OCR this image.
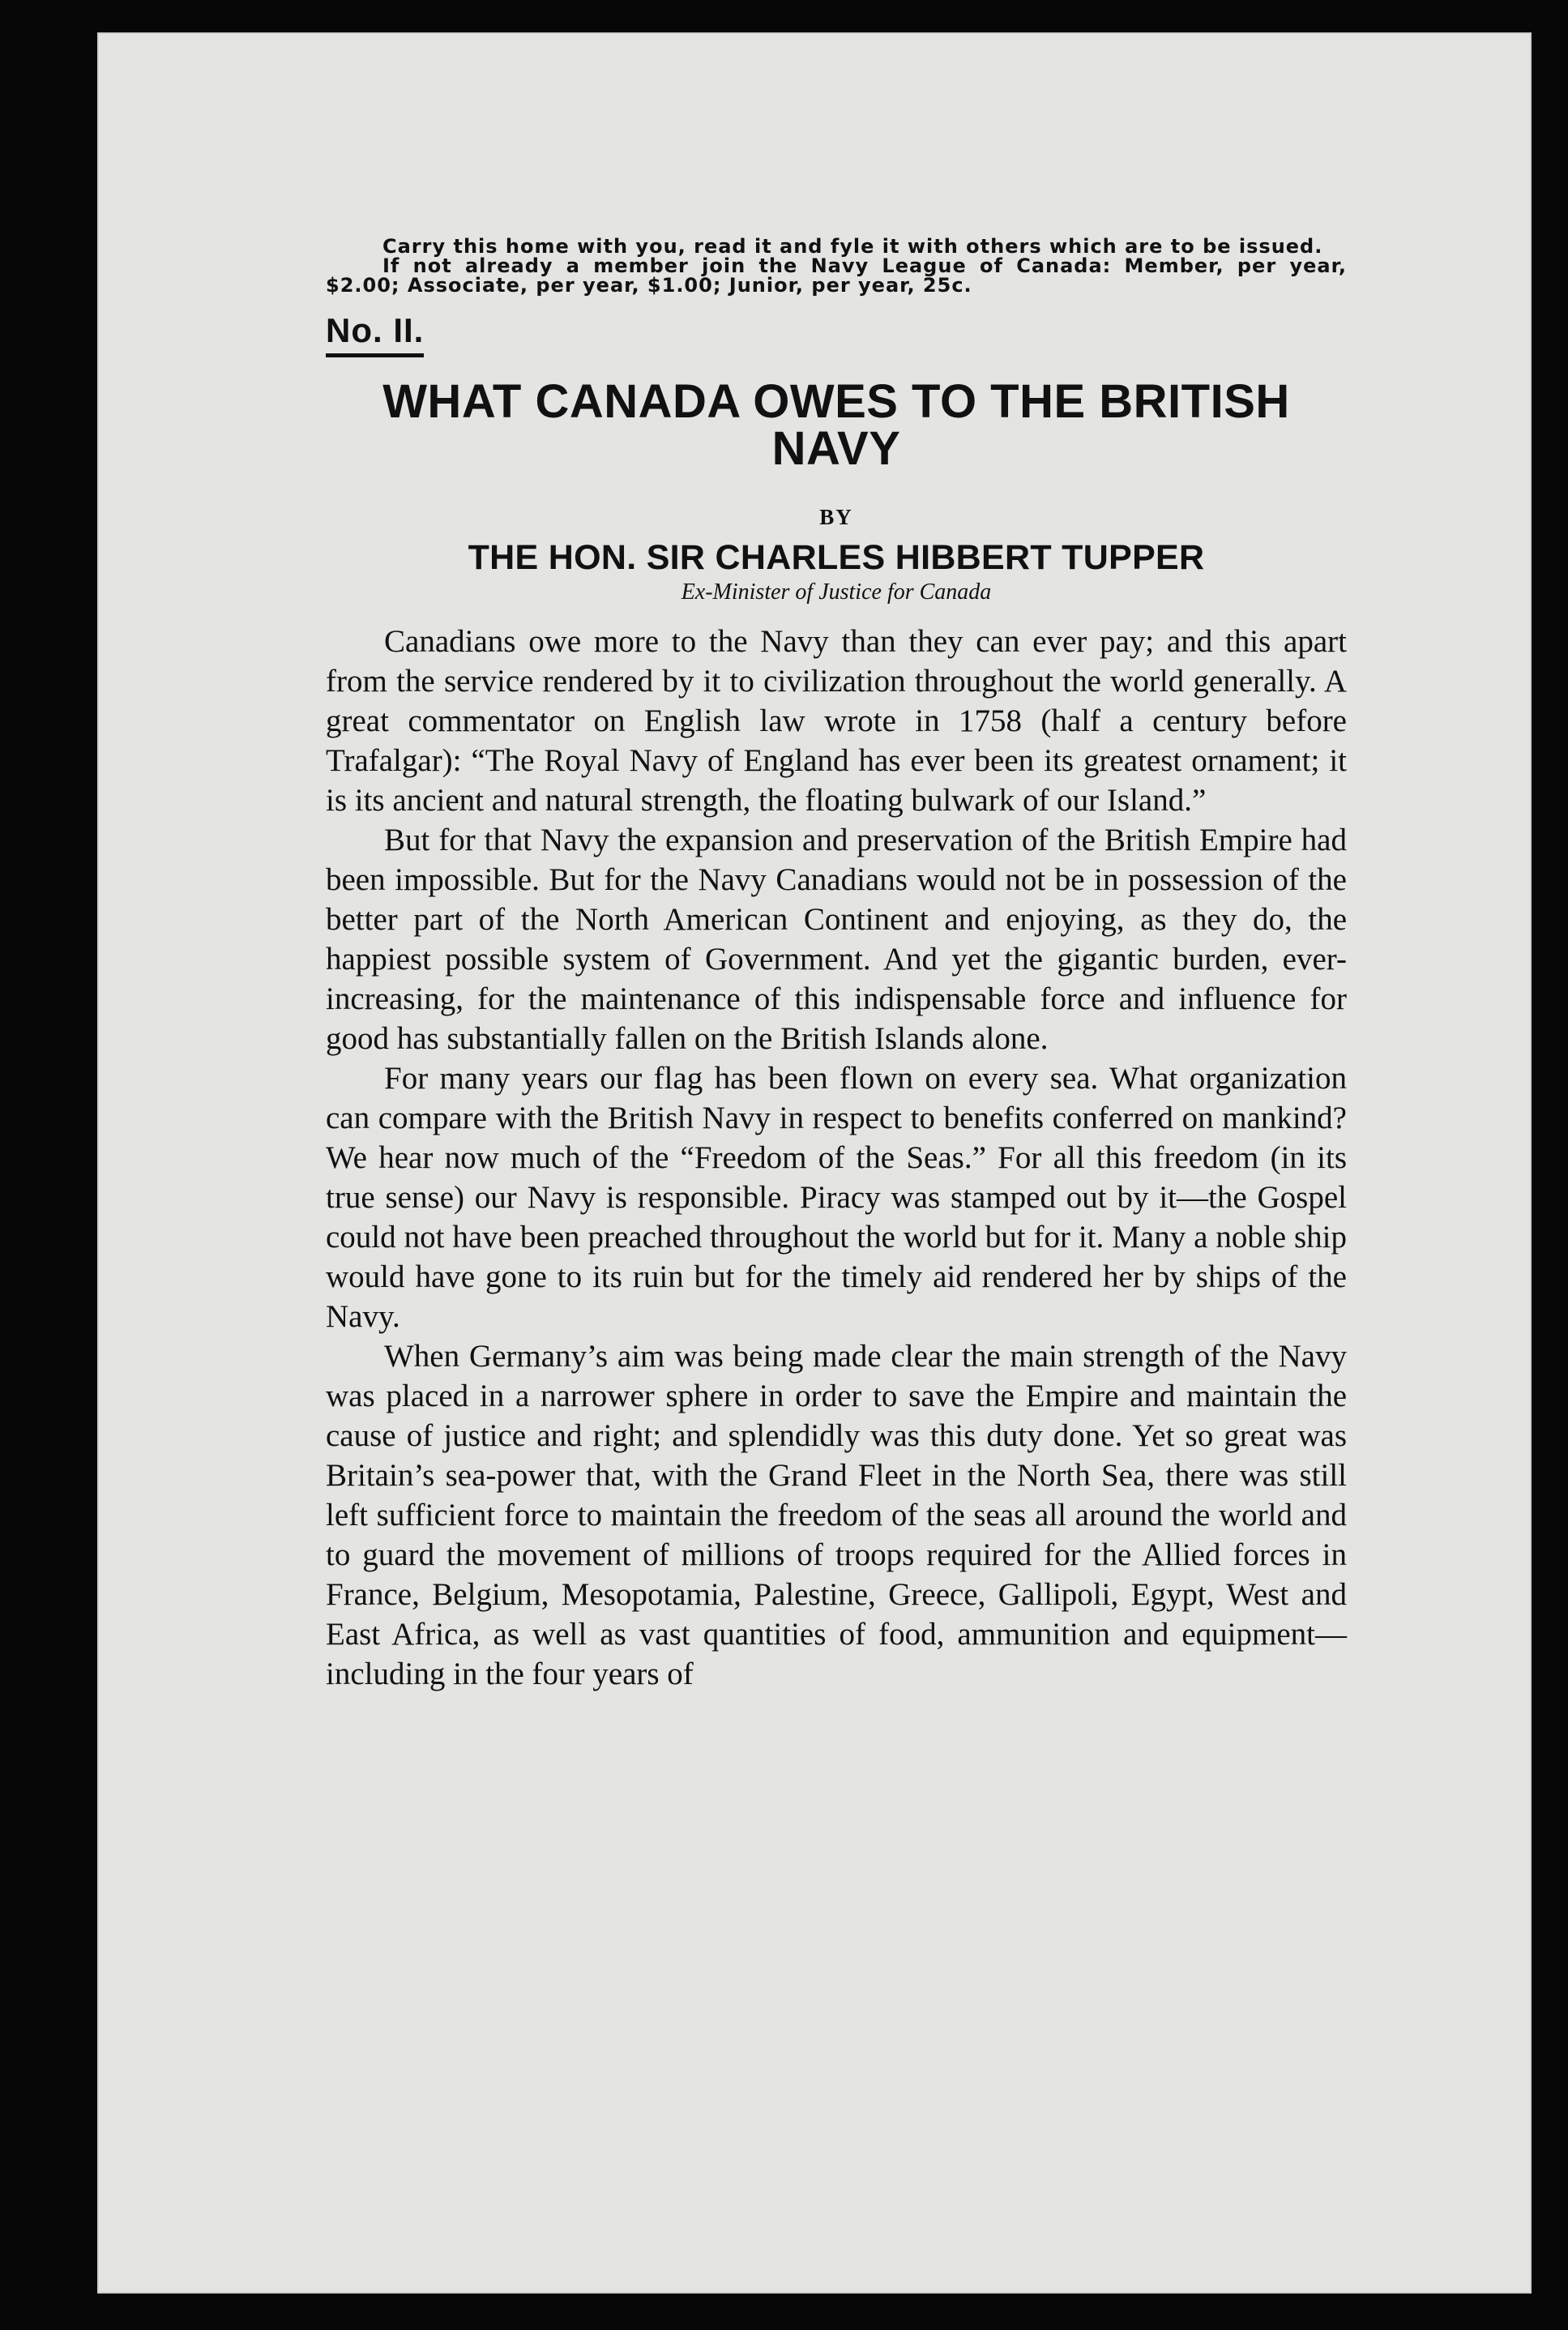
Carry this home with you, read it and fyle it with others which are to be issued.

If not already a member join the Navy League of Canada: Member, per year, $2.00; Associate, per year, $1.00; Junior, per year, 25c.

No. II.
WHAT CANADA OWES TO THE BRITISH NAVY
BY
THE HON. SIR CHARLES HIBBERT TUPPER
Ex-Minister of Justice for Canada

Canadians owe more to the Navy than they can ever pay; and this apart from the service rendered by it to civilization throughout the world generally. A great commentator on English law wrote in 1758 (half a century before Trafalgar): “The Royal Navy of England has ever been its greatest ornament; it is its ancient and natural strength, the floating bulwark of our Island.”

But for that Navy the expansion and preservation of the British Empire had been impossible. But for the Navy Canadians would not be in possession of the better part of the North American Continent and enjoying, as they do, the happiest possible system of Government. And yet the gigantic burden, ever-increasing, for the maintenance of this indispensable force and influence for good has substantially fallen on the British Islands alone.

For many years our flag has been flown on every sea. What organization can compare with the British Navy in respect to benefits conferred on mankind? We hear now much of the “Freedom of the Seas.” For all this freedom (in its true sense) our Navy is responsible. Piracy was stamped out by it—the Gospel could not have been preached throughout the world but for it. Many a noble ship would have gone to its ruin but for the timely aid rendered her by ships of the Navy.

When Germany’s aim was being made clear the main strength of the Navy was placed in a narrower sphere in order to save the Empire and maintain the cause of justice and right; and splendidly was this duty done. Yet so great was Britain’s sea-power that, with the Grand Fleet in the North Sea, there was still left sufficient force to maintain the freedom of the seas all around the world and to guard the movement of millions of troops required for the Allied forces in France, Belgium, Mesopotamia, Palestine, Greece, Gallipoli, Egypt, West and East Africa, as well as vast quantities of food, ammunition and equipment—including in the four years of
